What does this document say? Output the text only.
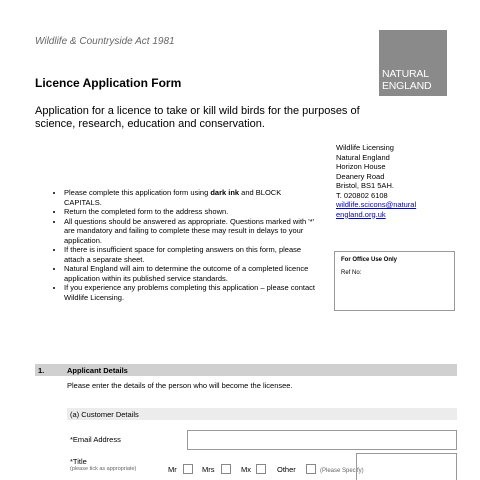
Wildlife & Countryside Act 1981
NATURAL
ENGLAND
Licence Application Form
Application for a licence to take or kill wild birds for the purposes of science, research, education and conservation.
Wildlife Licensing
Natural England
Horizon House
Deanery Road
Bristol, BS1 5AH.
T. 020802 6108
wildlife.scicons@natural england.org.uk
• Please complete this application form using dark ink and BLOCK CAPITALS.
• Return the completed form to the address shown.
• All questions should be answered as appropriate. Questions marked with '*' are mandatory and failing to complete these may result in delays to your application.
• If there is insufficient space for completing answers on this form, please attach a separate sheet.
• Natural England will aim to determine the outcome of a completed licence application within its published service standards.
• If you experience any problems completing this application – please contact Wildlife Licensing.
For Office Use Only
Ref No:
1.	Applicant Details
Please enter the details of the person who will become the licensee.
(a) Customer Details
*Email Address
*Title
(please tick as appropriate)	Mr	Mrs	Mx	Other	(Please Specify)
